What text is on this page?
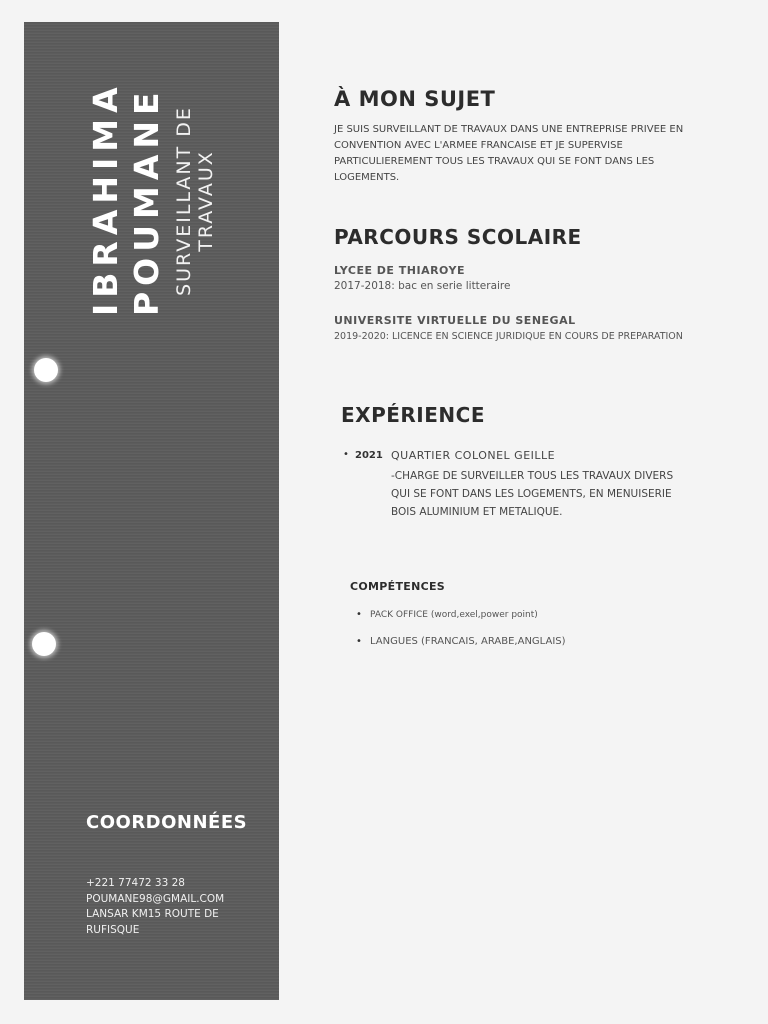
IBRAHIMA POUMANE SURVEILLANT DE TRAVAUX
COORDONNÉES
+221 77472 33 28
POUMANE98@GMAIL.COM
LANSAR KM15 ROUTE DE
RUFISQUE
À MON SUJET
JE SUIS SURVEILLANT DE TRAVAUX DANS UNE ENTREPRISE PRIVEE EN CONVENTION AVEC L'ARMEE FRANCAISE ET JE SUPERVISE PARTICULIEREMENT TOUS LES TRAVAUX QUI SE FONT DANS LES LOGEMENTS.
PARCOURS SCOLAIRE
LYCEE DE THIAROYE
2017-2018: bac en serie litteraire
UNIVERSITE VIRTUELLE DU SENEGAL
2019-2020: LICENCE EN SCIENCE JURIDIQUE EN COURS DE PREPARATION
EXPÉRIENCE
• 2021 QUARTIER COLONEL GEILLE
-CHARGE DE SURVEILLER TOUS LES TRAVAUX DIVERS QUI SE FONT DANS LES LOGEMENTS, EN MENUISERIE BOIS ALUMINIUM ET METALIQUE.
COMPÉTENCES
• PACK OFFICE (word,exel,power point)
• LANGUES (FRANCAIS, ARABE,ANGLAIS)
